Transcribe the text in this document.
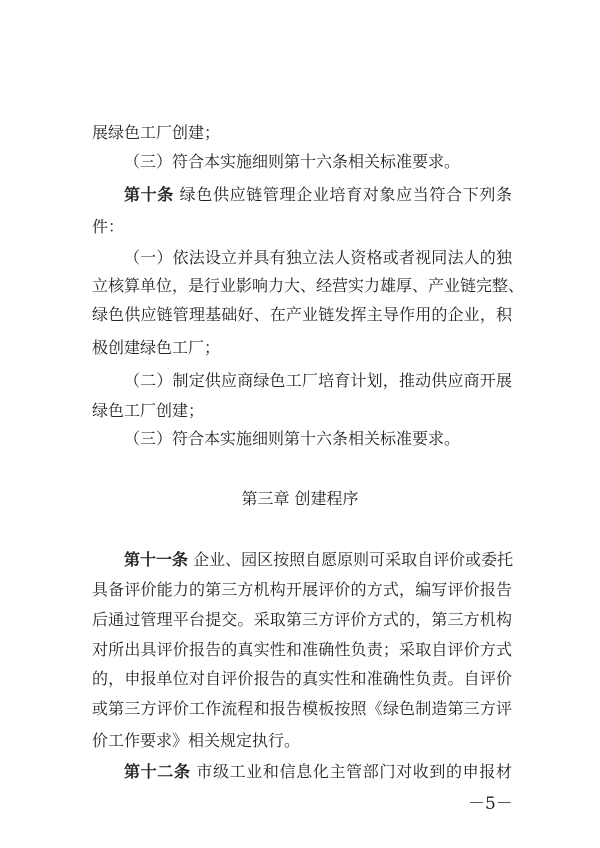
展绿色工厂创建；
（三）符合本实施细则第十六条相关标准要求。
第十条 绿色供应链管理企业培育对象应当符合下列条
件：
（一）依法设立并具有独立法人资格或者视同法人的独
立核算单位，是行业影响力大、经营实力雄厚、产业链完整、
绿色供应链管理基础好、在产业链发挥主导作用的企业，积
极创建绿色工厂；
（二）制定供应商绿色工厂培育计划，推动供应商开展
绿色工厂创建；
（三）符合本实施细则第十六条相关标准要求。
第三章 创建程序
第十一条 企业、园区按照自愿原则可采取自评价或委托
具备评价能力的第三方机构开展评价的方式，编写评价报告
后通过管理平台提交。采取第三方评价方式的，第三方机构
对所出具评价报告的真实性和准确性负责；采取自评价方式
的，申报单位对自评价报告的真实性和准确性负责。自评价
或第三方评价工作流程和报告模板按照《绿色制造第三方评
价工作要求》相关规定执行。
第十二条 市级工业和信息化主管部门对收到的申报材
－5－
